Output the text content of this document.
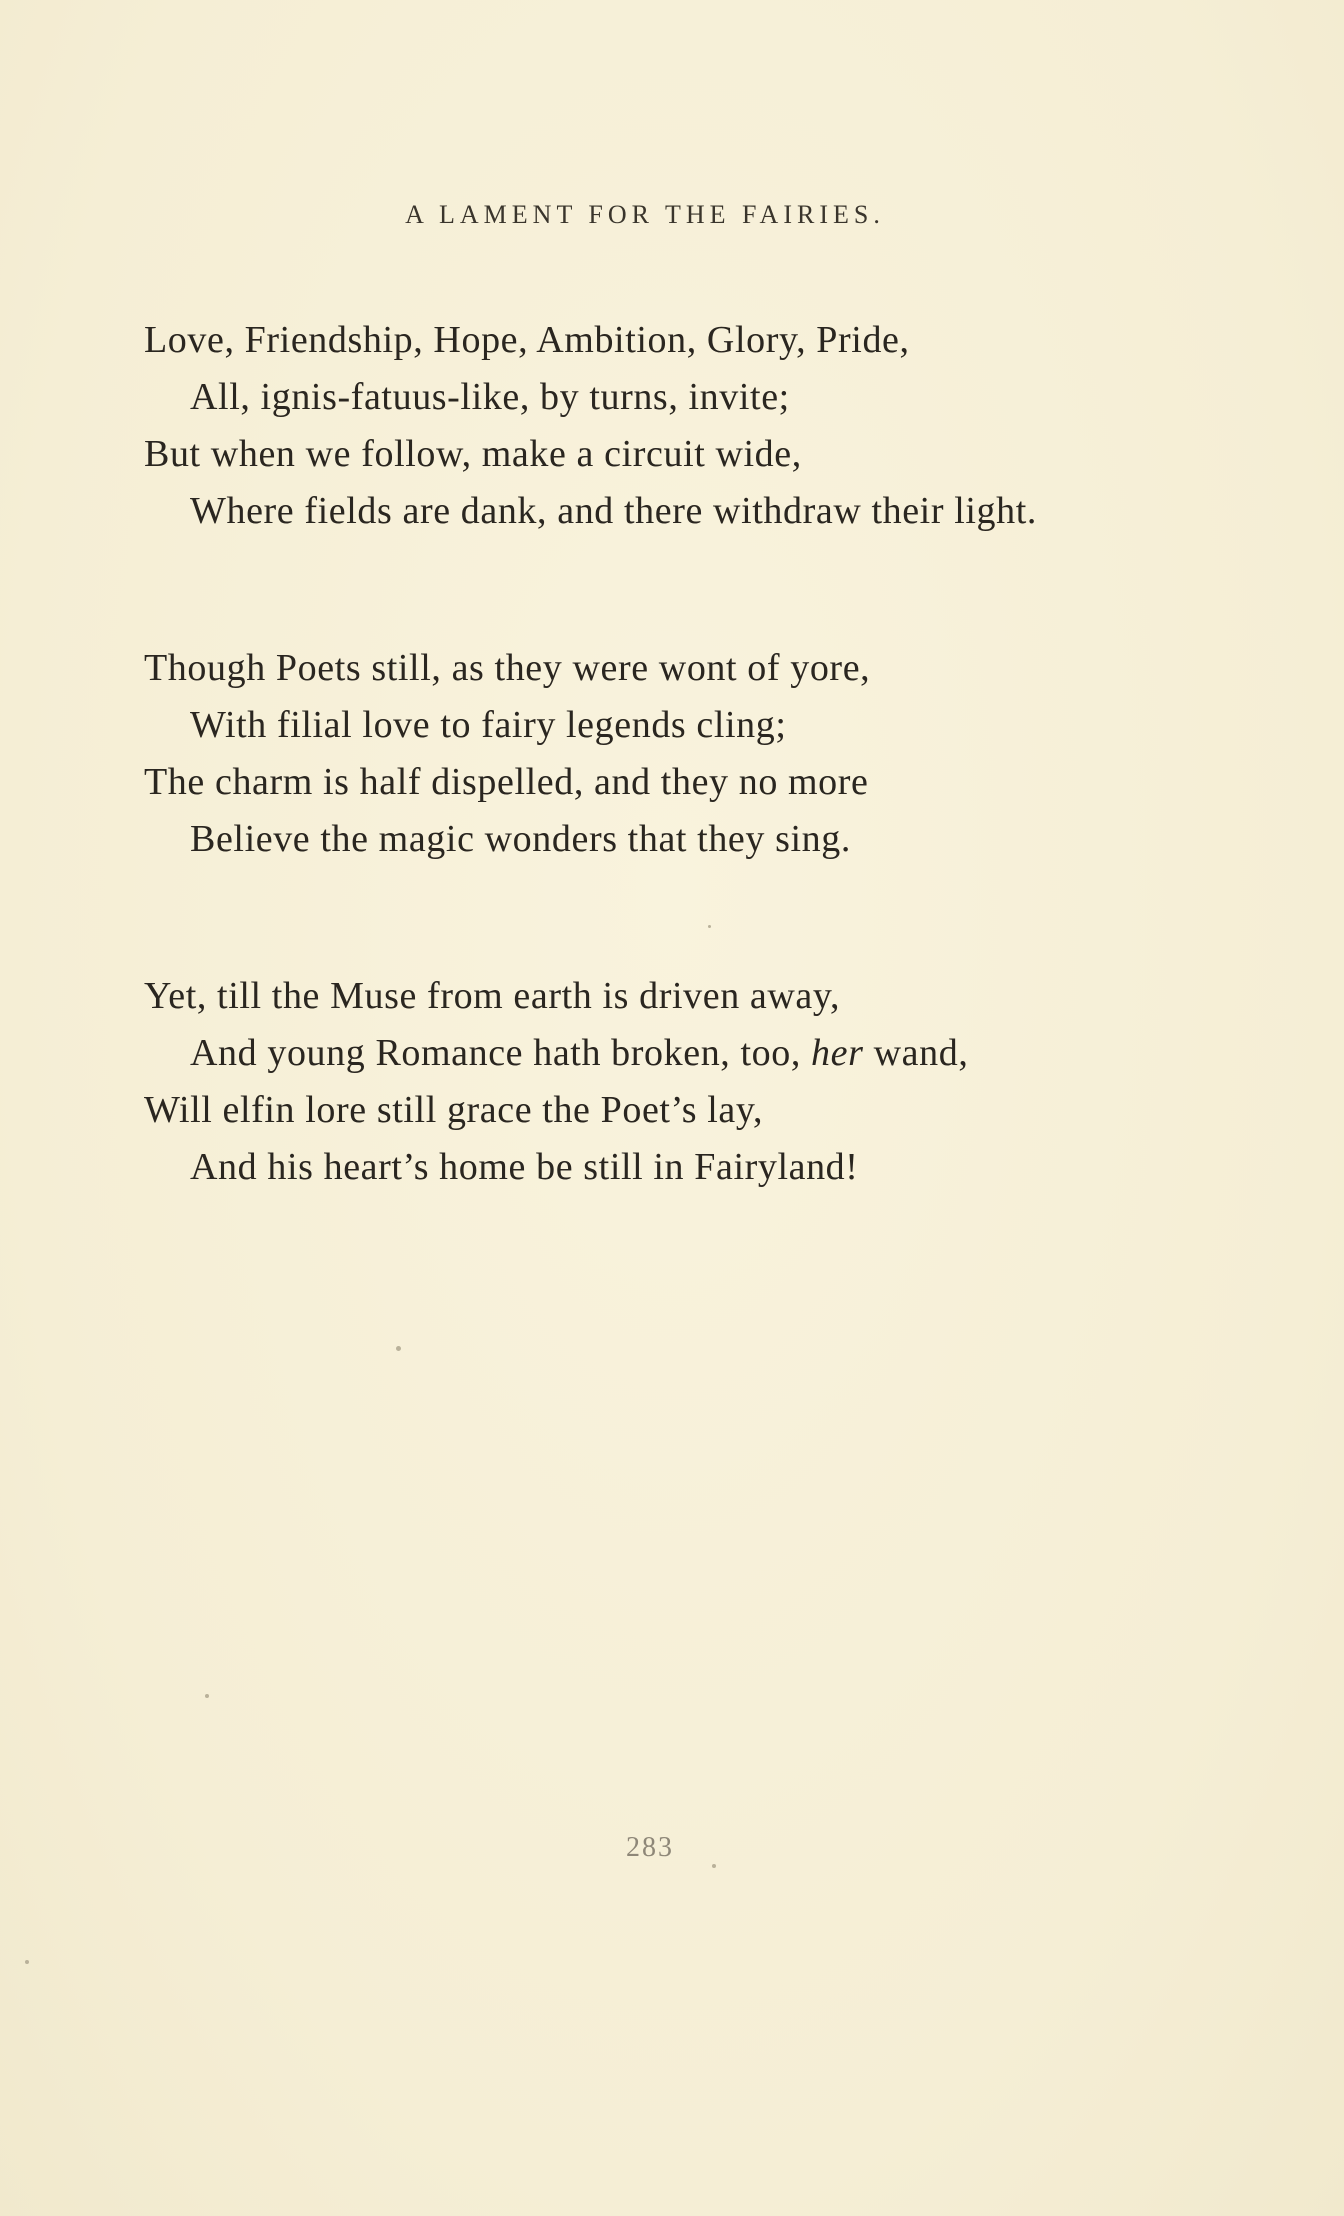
A LAMENT FOR THE FAIRIES.
Love, Friendship, Hope, Ambition, Glory, Pride,
All, ignis-fatuus-like, by turns, invite;
But when we follow, make a circuit wide,
Where fields are dank, and there withdraw their light.
Though Poets still, as they were wont of yore,
With filial love to fairy legends cling;
The charm is half dispelled, and they no more
Believe the magic wonders that they sing.
Yet, till the Muse from earth is driven away,
And young Romance hath broken, too, her wand,
Will elfin lore still grace the Poet’s lay,
And his heart’s home be still in Fairyland!
283
